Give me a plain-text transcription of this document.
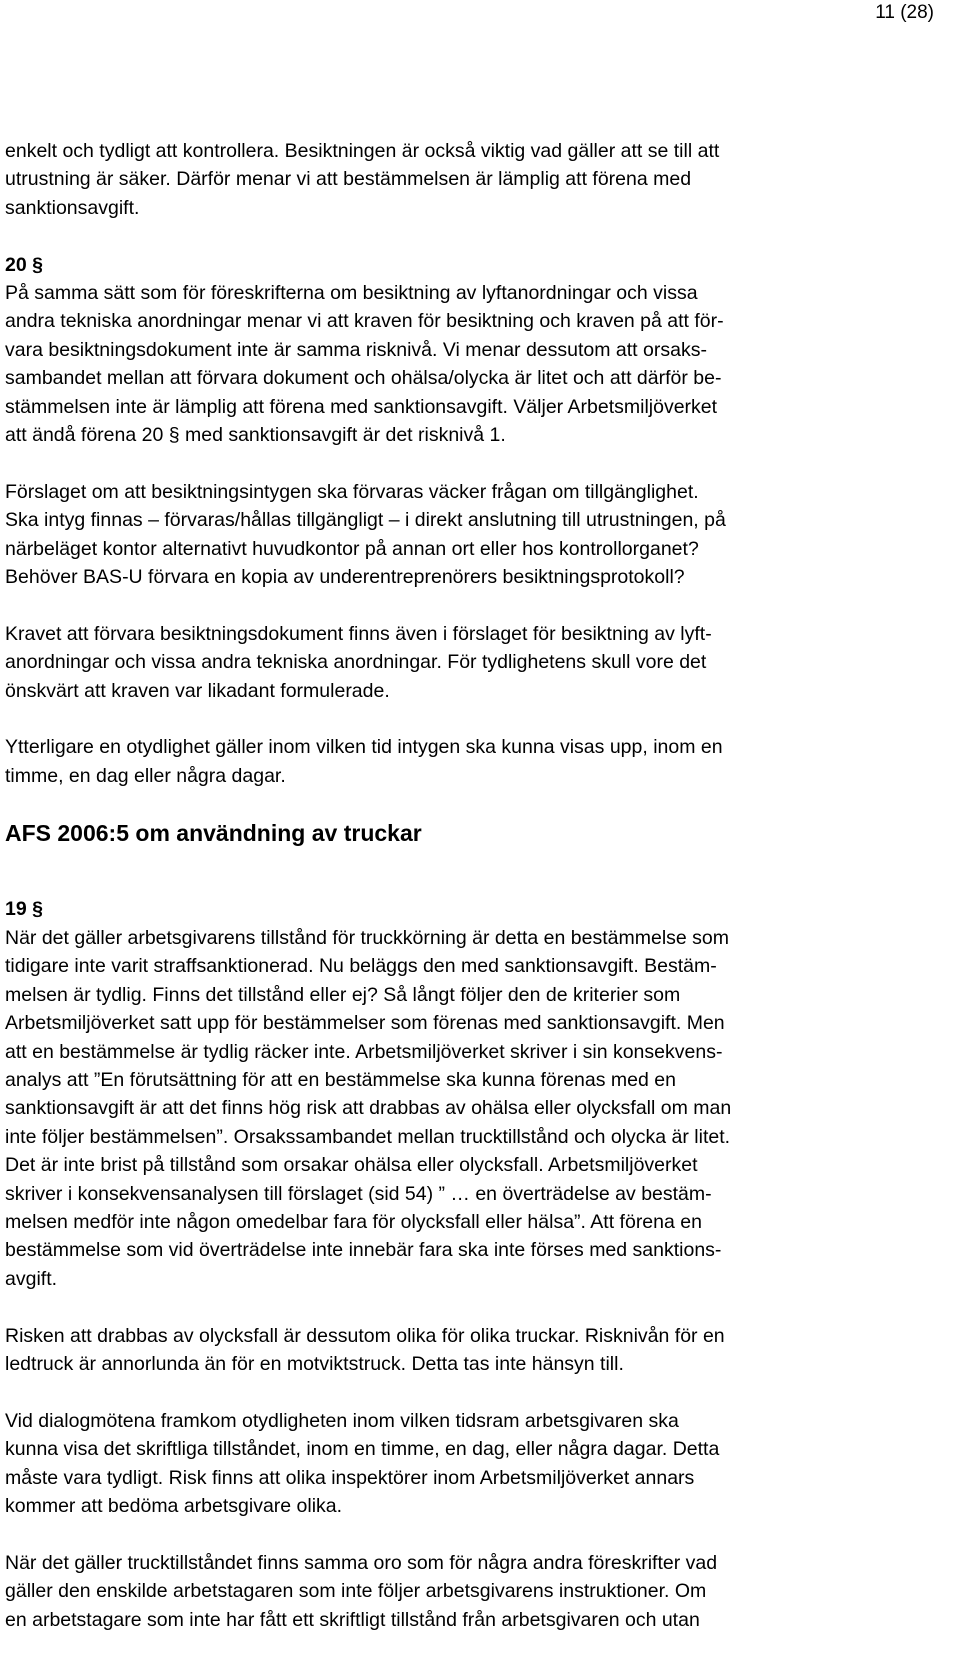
11 (28)
enkelt och tydligt att kontrollera. Besiktningen är också viktig vad gäller att se till att
utrustning är säker. Därför menar vi att bestämmelsen är lämplig att förena med
sanktionsavgift.
20 §
På samma sätt som för föreskrifterna om besiktning av lyftanordningar och vissa
andra tekniska anordningar menar vi att kraven för besiktning och kraven på att för-
vara besiktningsdokument inte är samma risknivå. Vi menar dessutom att orsaks-
sambandet mellan att förvara dokument och ohälsa/olycka är litet och att därför be-
stämmelsen inte är lämplig att förena med sanktionsavgift. Väljer Arbetsmiljöverket
att ändå förena 20 § med sanktionsavgift är det risknivå 1.
Förslaget om att besiktningsintygen ska förvaras väcker frågan om tillgänglighet.
Ska intyg finnas – förvaras/hållas tillgängligt – i direkt anslutning till utrustningen, på
närbeläget kontor alternativt huvudkontor på annan ort eller hos kontrollorganet?
Behöver BAS-U förvara en kopia av underentreprenörers besiktningsprotokoll?
Kravet att förvara besiktningsdokument finns även i förslaget för besiktning av lyft-
anordningar och vissa andra tekniska anordningar. För tydlighetens skull vore det
önskvärt att kraven var likadant formulerade.
Ytterligare en otydlighet gäller inom vilken tid intygen ska kunna visas upp, inom en
timme, en dag eller några dagar.
AFS 2006:5 om användning av truckar
19 §
När det gäller arbetsgivarens tillstånd för truckkörning är detta en bestämmelse som
tidigare inte varit straffsanktionerad. Nu beläggs den med sanktionsavgift. Bestäm-
melsen är tydlig. Finns det tillstånd eller ej? Så långt följer den de kriterier som
Arbetsmiljöverket satt upp för bestämmelser som förenas med sanktionsavgift. Men
att en bestämmelse är tydlig räcker inte. Arbetsmiljöverket skriver i sin konsekvens-
analys att ”En förutsättning för att en bestämmelse ska kunna förenas med en
sanktionsavgift är att det finns hög risk att drabbas av ohälsa eller olycksfall om man
inte följer bestämmelsen”. Orsakssambandet mellan trucktillstånd och olycka är litet.
Det är inte brist på tillstånd som orsakar ohälsa eller olycksfall. Arbetsmiljöverket
skriver i konsekvensanalysen till förslaget (sid 54) ” … en överträdelse av bestäm-
melsen medför inte någon omedelbar fara för olycksfall eller hälsa”. Att förena en
bestämmelse som vid överträdelse inte innebär fara ska inte förses med sanktions-
avgift.
Risken att drabbas av olycksfall är dessutom olika för olika truckar. Risknivån för en
ledtruck är annorlunda än för en motviktstruck. Detta tas inte hänsyn till.
Vid dialogmötena framkom otydligheten inom vilken tidsram arbetsgivaren ska
kunna visa det skriftliga tillståndet, inom en timme, en dag, eller några dagar. Detta
måste vara tydligt. Risk finns att olika inspektörer inom Arbetsmiljöverket annars
kommer att bedöma arbetsgivare olika.
När det gäller trucktillståndet finns samma oro som för några andra föreskrifter vad
gäller den enskilde arbetstagaren som inte följer arbetsgivarens instruktioner. Om
en arbetstagare som inte har fått ett skriftligt tillstånd från arbetsgivaren och utan
